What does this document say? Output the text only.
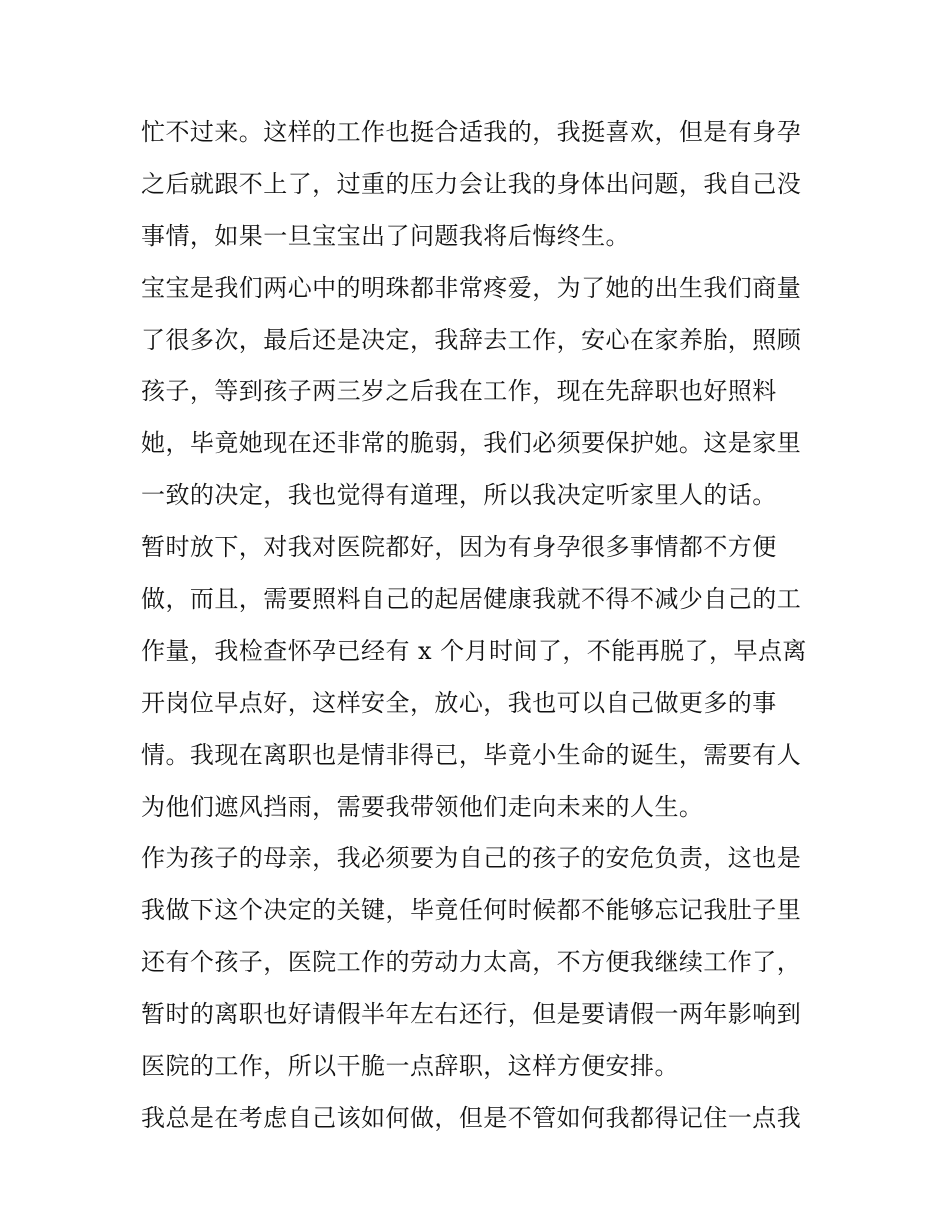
忙不过来。这样的工作也挺合适我的，我挺喜欢，但是有身孕
之后就跟不上了，过重的压力会让我的身体出问题，我自己没
事情，如果一旦宝宝出了问题我将后悔终生。
宝宝是我们两心中的明珠都非常疼爱，为了她的出生我们商量
了很多次，最后还是决定，我辞去工作，安心在家养胎，照顾
孩子，等到孩子两三岁之后我在工作，现在先辞职也好照料
她，毕竟她现在还非常的脆弱，我们必须要保护她。这是家里
一致的决定，我也觉得有道理，所以我决定听家里人的话。
暂时放下，对我对医院都好，因为有身孕很多事情都不方便
做，而且，需要照料自己的起居健康我就不得不减少自己的工
作量，我检查怀孕已经有 x 个月时间了，不能再脱了，早点离
开岗位早点好，这样安全，放心，我也可以自己做更多的事
情。我现在离职也是情非得已，毕竟小生命的诞生，需要有人
为他们遮风挡雨，需要我带领他们走向未来的人生。
作为孩子的母亲，我必须要为自己的孩子的安危负责，这也是
我做下这个决定的关键，毕竟任何时候都不能够忘记我肚子里
还有个孩子，医院工作的劳动力太高，不方便我继续工作了，
暂时的离职也好请假半年左右还行，但是要请假一两年影响到
医院的工作，所以干脆一点辞职，这样方便安排。
我总是在考虑自己该如何做，但是不管如何我都得记住一点我
